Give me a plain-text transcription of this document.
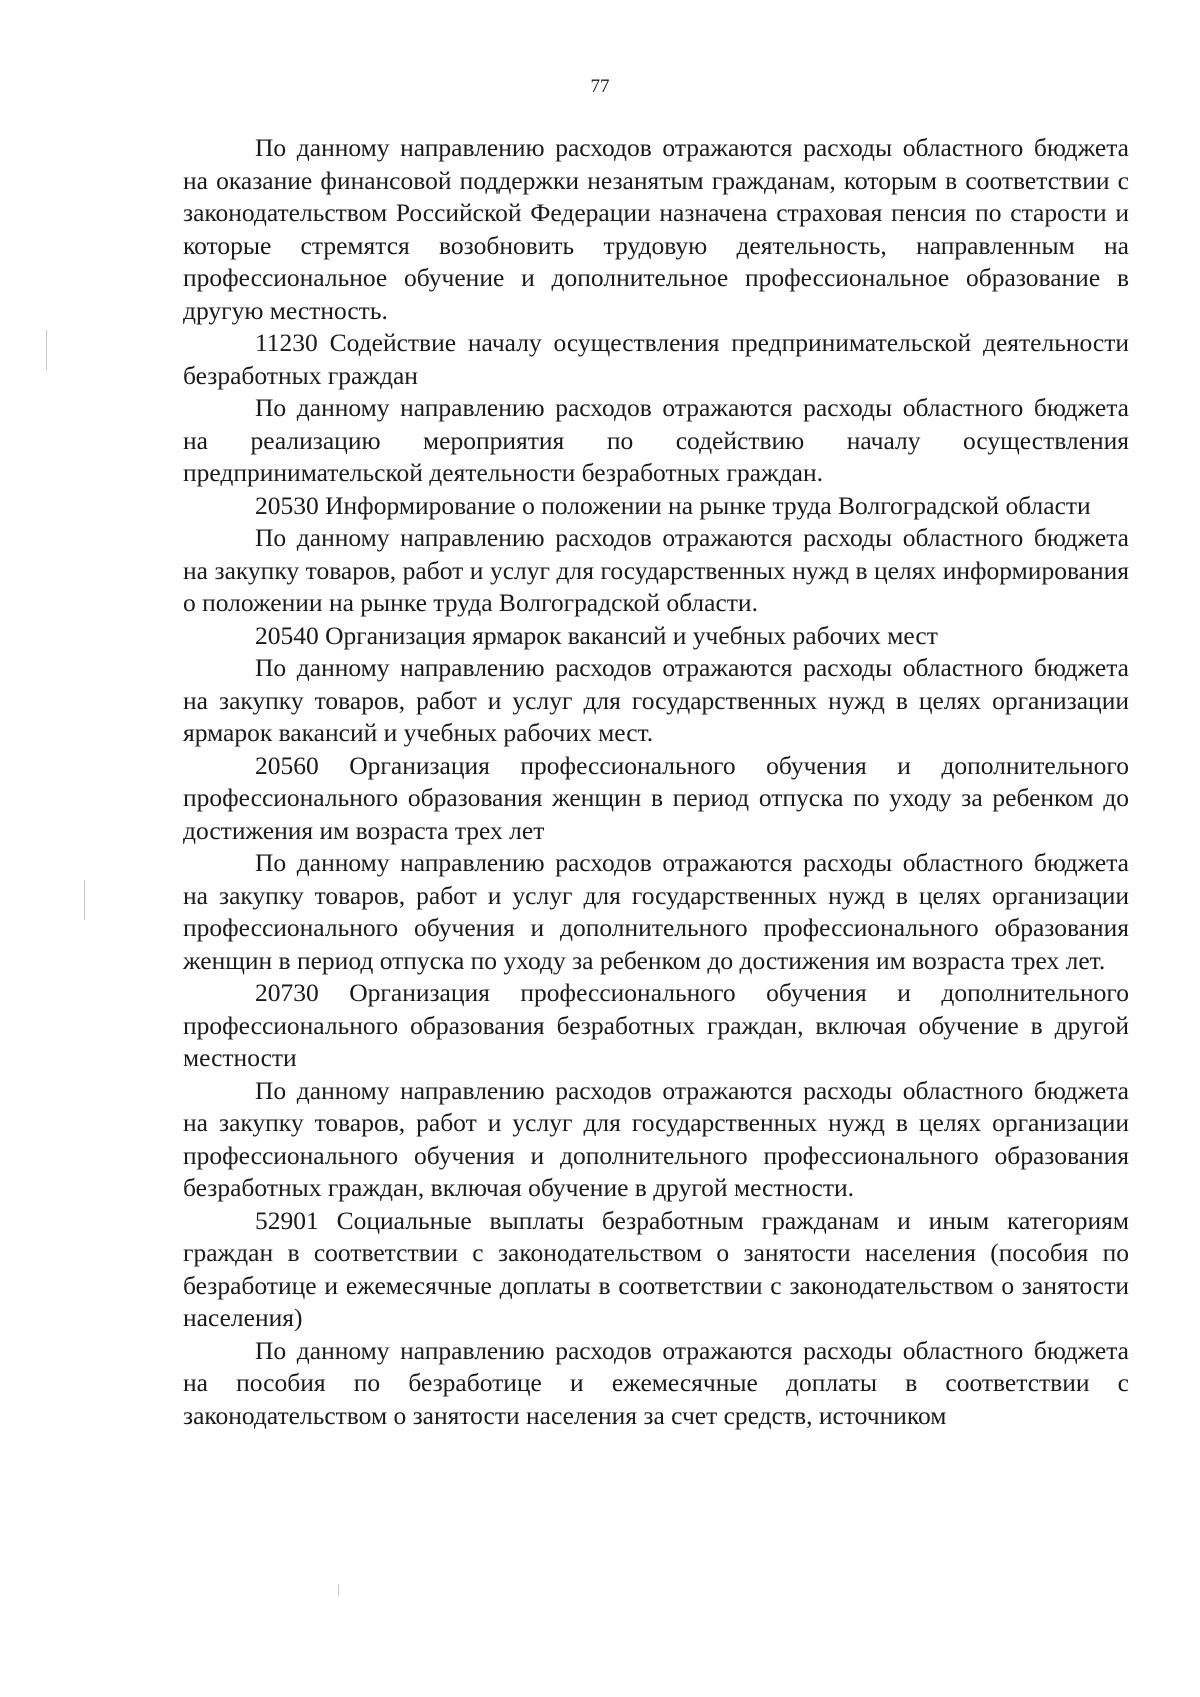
77

По данному направлению расходов отражаются расходы областного бюджета на оказание финансовой поддержки незанятым гражданам, которым в соответствии с законодательством Российской Федерации назначена страховая пенсия по старости и которые стремятся возобновить трудовую деятельность, направленным на профессиональное обучение и дополнительное профессиональное образование в другую местность.

11230 Содействие началу осуществления предпринимательской деятельности безработных граждан

По данному направлению расходов отражаются расходы областного бюджета на реализацию мероприятия по содействию началу осуществления предпринимательской деятельности безработных граждан.

20530 Информирование о положении на рынке труда Волгоградской области

По данному направлению расходов отражаются расходы областного бюджета на закупку товаров, работ и услуг для государственных нужд в целях информирования о положении на рынке труда Волгоградской области.

20540 Организация ярмарок вакансий и учебных рабочих мест

По данному направлению расходов отражаются расходы областного бюджета на закупку товаров, работ и услуг для государственных нужд в целях организации ярмарок вакансий и учебных рабочих мест.

20560 Организация профессионального обучения и дополнительного профессионального образования женщин в период отпуска по уходу за ребенком до достижения им возраста трех лет

По данному направлению расходов отражаются расходы областного бюджета на закупку товаров, работ и услуг для государственных нужд в целях организации профессионального обучения и дополнительного профессионального образования женщин в период отпуска по уходу за ребенком до достижения им возраста трех лет.

20730 Организация профессионального обучения и дополнительного профессионального образования безработных граждан, включая обучение в другой местности

По данному направлению расходов отражаются расходы областного бюджета на закупку товаров, работ и услуг для государственных нужд в целях организации профессионального обучения и дополнительного профессионального образования безработных граждан, включая обучение в другой местности.

52901 Социальные выплаты безработным гражданам и иным категориям граждан в соответствии с законодательством о занятости населения (пособия по безработице и ежемесячные доплаты в соответствии с законодательством о занятости населения)

По данному направлению расходов отражаются расходы областного бюджета на пособия по безработице и ежемесячные доплаты в соответствии с законодательством о занятости населения за счет средств, источником
